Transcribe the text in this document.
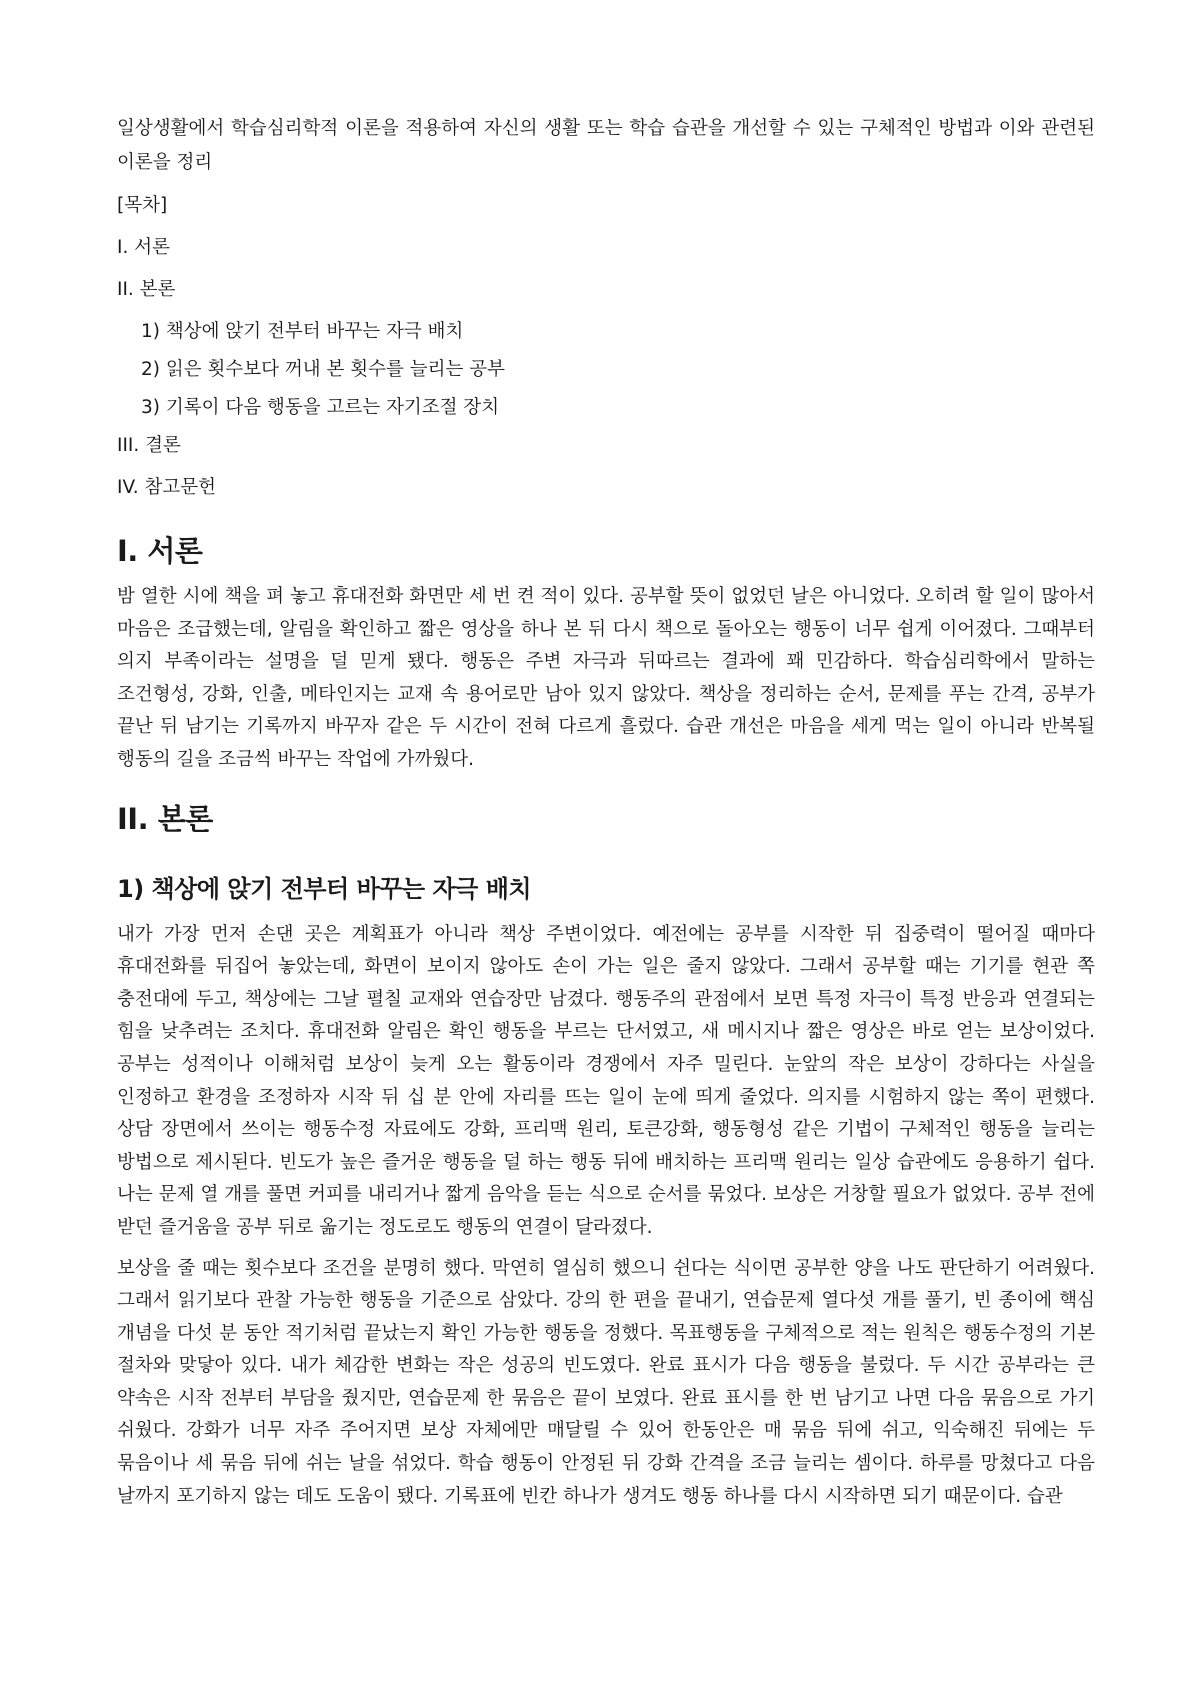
일상생활에서 학습심리학적 이론을 적용하여 자신의 생활 또는 학습 습관을 개선할 수 있는 구체적인 방법과 이와 관련된 이론을 정리

[목차]
I. 서론
II. 본론
1) 책상에 앉기 전부터 바꾸는 자극 배치
2) 읽은 횟수보다 꺼내 본 횟수를 늘리는 공부
3) 기록이 다음 행동을 고르는 자기조절 장치
III. 결론
IV. 참고문헌
I. 서론

밤 열한 시에 책을 펴 놓고 휴대전화 화면만 세 번 켠 적이 있다. 공부할 뜻이 없었던 날은 아니었다. 오히려 할 일이 많아서 마음은 조급했는데, 알림을 확인하고 짧은 영상을 하나 본 뒤 다시 책으로 돌아오는 행동이 너무 쉽게 이어졌다. 그때부터 의지 부족이라는 설명을 덜 믿게 됐다. 행동은 주변 자극과 뒤따르는 결과에 꽤 민감하다. 학습심리학에서 말하는 조건형성, 강화, 인출, 메타인지는 교재 속 용어로만 남아 있지 않았다. 책상을 정리하는 순서, 문제를 푸는 간격, 공부가 끝난 뒤 남기는 기록까지 바꾸자 같은 두 시간이 전혀 다르게 흘렀다. 습관 개선은 마음을 세게 먹는 일이 아니라 반복될 행동의 길을 조금씩 바꾸는 작업에 가까웠다.

II. 본론
1) 책상에 앉기 전부터 바꾸는 자극 배치

내가 가장 먼저 손댄 곳은 계획표가 아니라 책상 주변이었다. 예전에는 공부를 시작한 뒤 집중력이 떨어질 때마다 휴대전화를 뒤집어 놓았는데, 화면이 보이지 않아도 손이 가는 일은 줄지 않았다. 그래서 공부할 때는 기기를 현관 쪽 충전대에 두고, 책상에는 그날 펼칠 교재와 연습장만 남겼다. 행동주의 관점에서 보면 특정 자극이 특정 반응과 연결되는 힘을 낮추려는 조치다. 휴대전화 알림은 확인 행동을 부르는 단서였고, 새 메시지나 짧은 영상은 바로 얻는 보상이었다. 공부는 성적이나 이해처럼 보상이 늦게 오는 활동이라 경쟁에서 자주 밀린다. 눈앞의 작은 보상이 강하다는 사실을 인정하고 환경을 조정하자 시작 뒤 십 분 안에 자리를 뜨는 일이 눈에 띄게 줄었다. 의지를 시험하지 않는 쪽이 편했다. 상담 장면에서 쓰이는 행동수정 자료에도 강화, 프리맥 원리, 토큰강화, 행동형성 같은 기법이 구체적인 행동을 늘리는 방법으로 제시된다. 빈도가 높은 즐거운 행동을 덜 하는 행동 뒤에 배치하는 프리맥 원리는 일상 습관에도 응용하기 쉽다. 나는 문제 열 개를 풀면 커피를 내리거나 짧게 음악을 듣는 식으로 순서를 묶었다. 보상은 거창할 필요가 없었다. 공부 전에 받던 즐거움을 공부 뒤로 옮기는 정도로도 행동의 연결이 달라졌다.

보상을 줄 때는 횟수보다 조건을 분명히 했다. 막연히 열심히 했으니 쉰다는 식이면 공부한 양을 나도 판단하기 어려웠다. 그래서 읽기보다 관찰 가능한 행동을 기준으로 삼았다. 강의 한 편을 끝내기, 연습문제 열다섯 개를 풀기, 빈 종이에 핵심 개념을 다섯 분 동안 적기처럼 끝났는지 확인 가능한 행동을 정했다. 목표행동을 구체적으로 적는 원칙은 행동수정의 기본 절차와 맞닿아 있다. 내가 체감한 변화는 작은 성공의 빈도였다. 완료 표시가 다음 행동을 불렀다. 두 시간 공부라는 큰 약속은 시작 전부터 부담을 줬지만, 연습문제 한 묶음은 끝이 보였다. 완료 표시를 한 번 남기고 나면 다음 묶음으로 가기 쉬웠다. 강화가 너무 자주 주어지면 보상 자체에만 매달릴 수 있어 한동안은 매 묶음 뒤에 쉬고, 익숙해진 뒤에는 두 묶음이나 세 묶음 뒤에 쉬는 날을 섞었다. 학습 행동이 안정된 뒤 강화 간격을 조금 늘리는 셈이다. 하루를 망쳤다고 다음 날까지 포기하지 않는 데도 도움이 됐다. 기록표에 빈칸 하나가 생겨도 행동 하나를 다시 시작하면 되기 때문이다. 습관
